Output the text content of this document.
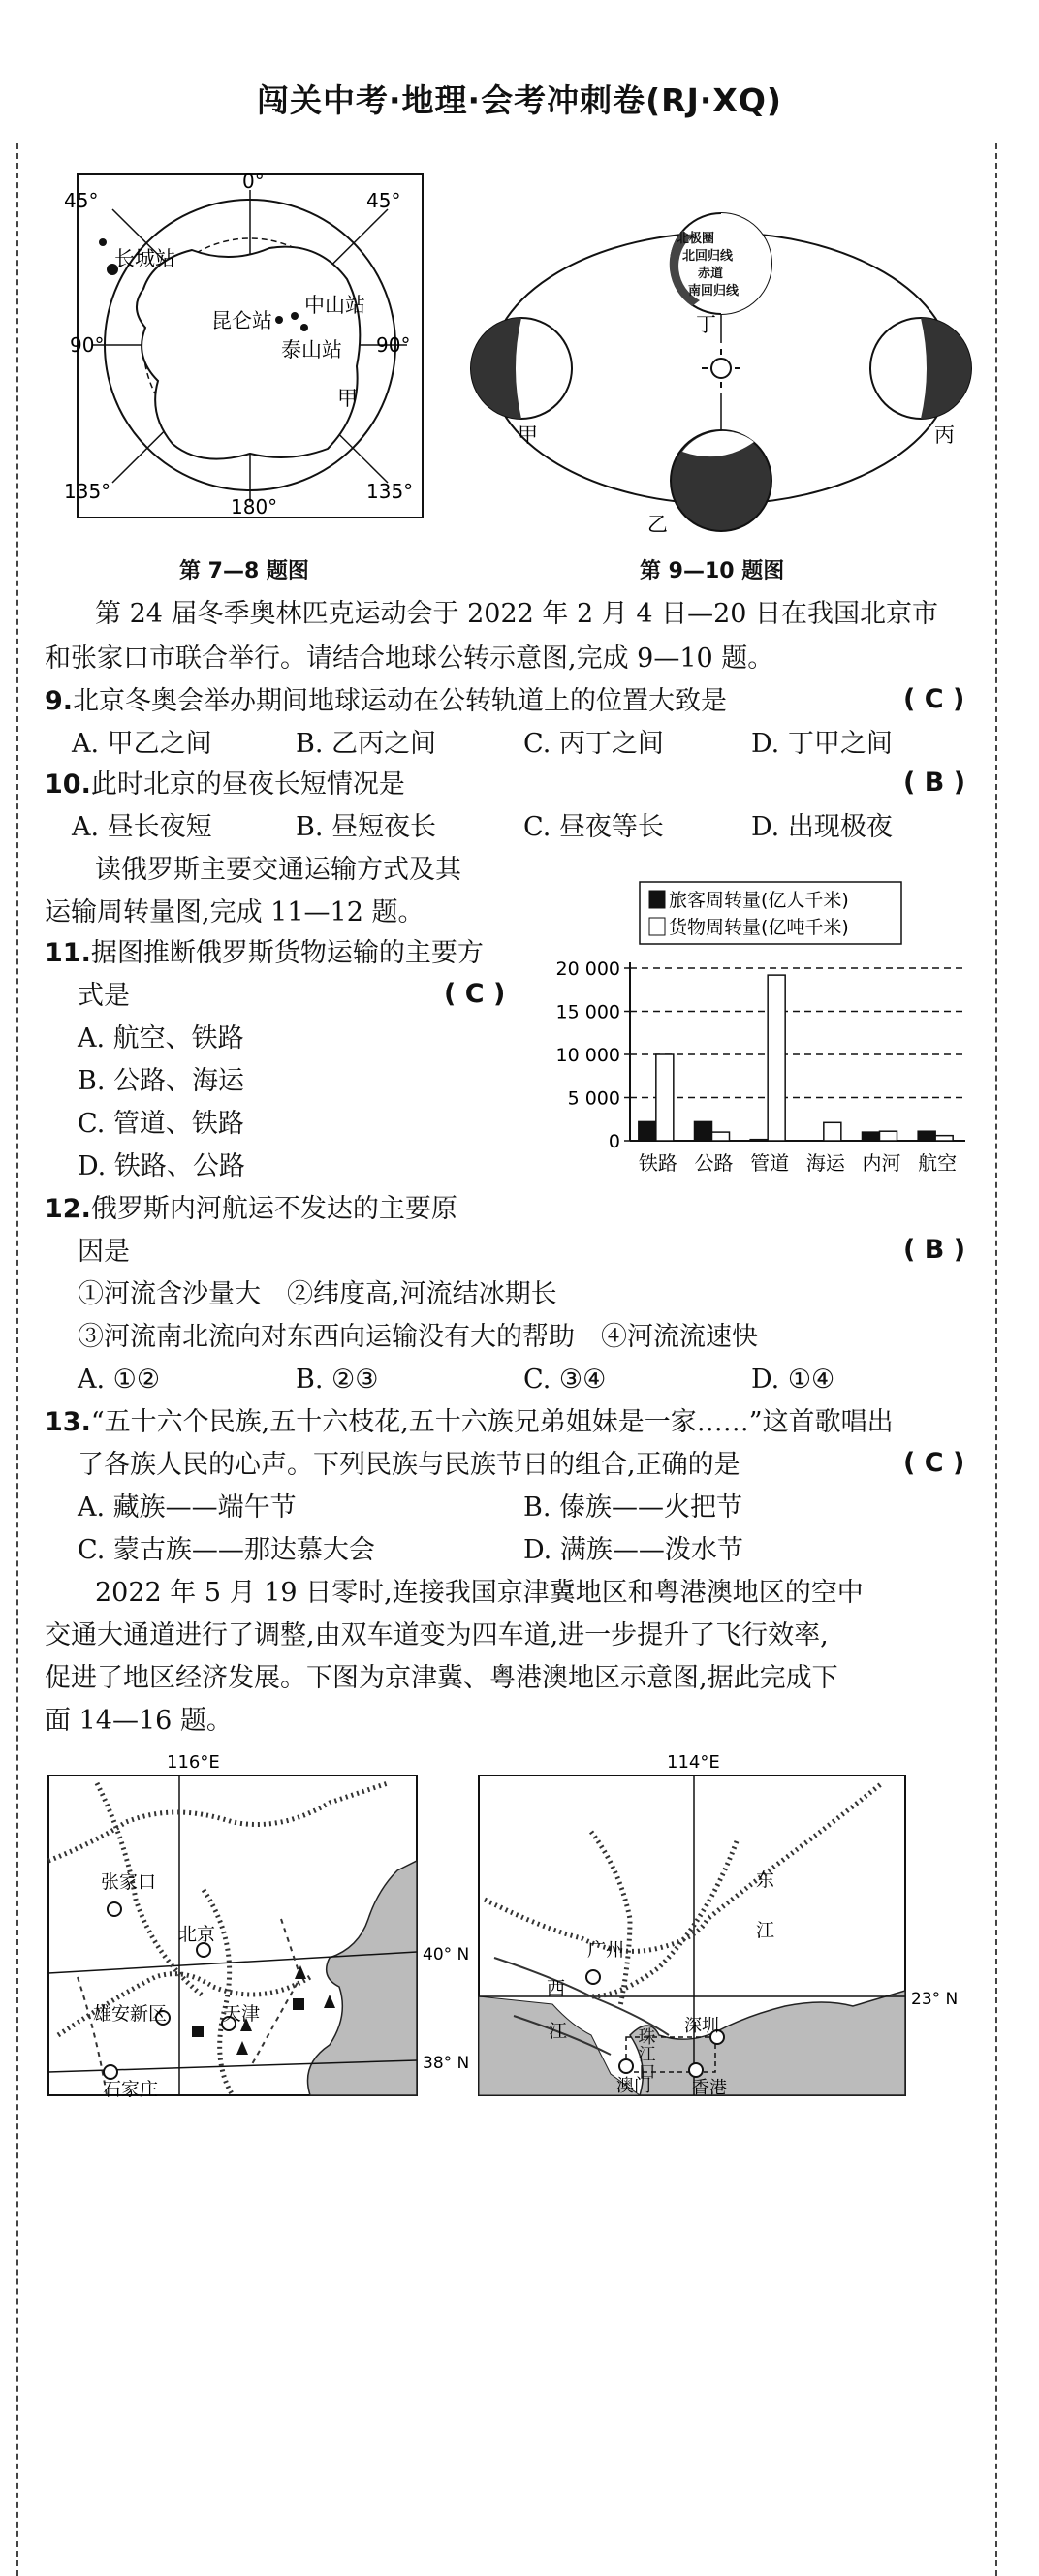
闯关中考·地理·会考冲刺卷(RJ·XQ)
0°
45°	45°
90°	90°
135°	135°
180°
长城站
昆仑站
中山站
泰山站
甲
第 7—8 题图
北极圈
北回归线
赤道
南回归线
丁
甲	丙
乙
第 9—10 题图
第 24 届冬季奥林匹克运动会于 2022 年 2 月 4 日—20 日在我国北京市
和张家口市联合举行。请结合地球公转示意图,完成 9—10 题。
9.北京冬奥会举办期间地球运动在公转轨道上的位置大致是	( C )
A. 甲乙之间	B. 乙丙之间	C. 丙丁之间	D. 丁甲之间
10.此时北京的昼夜长短情况是	( B )
A. 昼长夜短	B. 昼短夜长	C. 昼夜等长	D. 出现极夜
读俄罗斯主要交通运输方式及其
运输周转量图,完成 11—12 题。
11.据图推断俄罗斯货物运输的主要方
式是	( C )
A. 航空、铁路
B. 公路、海运
C. 管道、铁路
D. 铁路、公路
旅客周转量(亿人千米)
货物周转量(亿吨千米)
20 000
15 000
10 000
5 000
0
铁路 公路 管道 海运 内河 航空
12.俄罗斯内河航运不发达的主要原
因是	( B )
①河流含沙量大　②纬度高,河流结冰期长
③河流南北流向对东西向运输没有大的帮助　④河流流速快
A. ①②	B. ②③	C. ③④	D. ①④
13.“五十六个民族,五十六枝花,五十六族兄弟姐妹是一家……”这首歌唱出
了各族人民的心声。下列民族与民族节日的组合,正确的是	( C )
A. 藏族——端午节	B. 傣族——火把节
C. 蒙古族——那达慕大会	D. 满族——泼水节
2022 年 5 月 19 日零时,连接我国京津冀地区和粤港澳地区的空中
交通大通道进行了调整,由双车道变为四车道,进一步提升了飞行效率,
促进了地区经济发展。下图为京津冀、粤港澳地区示意图,据此完成下
面 14—16 题。
116°E
张家口
北京
雄安新区	天津
石家庄
40° N
38° N
114°E
广州
东
江
西
江	珠江口
深圳
澳门 香港
23° N
